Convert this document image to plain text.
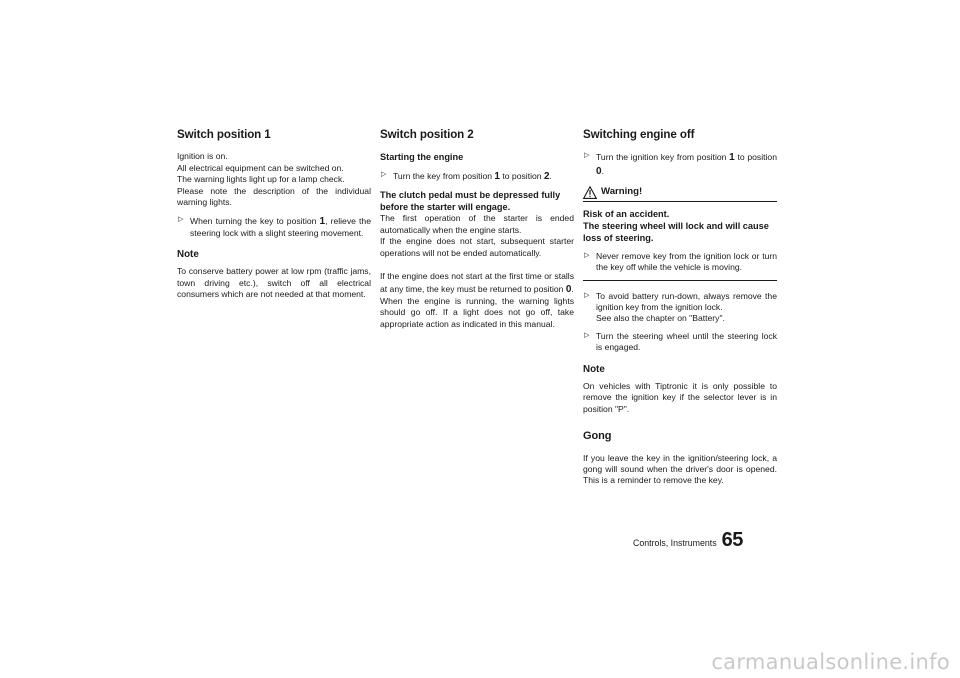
Switch position 1

Ignition is on.

All electrical equipment can be switched on.

The warning lights light up for a lamp check.

Please note the description of the individual warning lights.

▷ When turning the key to position 1, relieve the steering lock with a slight steering movement.
Note

To conserve battery power at low rpm (traffic jams, town driving etc.), switch off all electrical consumers which are not needed at that moment.

Switch position 2

Starting the engine

▷ Turn the key from position 1 to position 2.

The clutch pedal must be depressed fully before the starter will engage.

The first operation of the starter is ended automatically when the engine starts.

If the engine does not start, subsequent starter operations will not be ended automatically.

If the engine does not start at the first time or stalls at any time, the key must be returned to position 0.

When the engine is running, the warning lights should go off. If a light does not go off, take appropriate action as indicated in this manual.

Switching engine off
▷ Turn the ignition key from position 1 to position 0.
Warning!

Risk of an accident.
The steering wheel will lock and will cause loss of steering.

▷ Never remove key from the ignition lock or turn the key off while the vehicle is moving.
▷ To avoid battery run-down, always remove the ignition key from the ignition lock.
See also the chapter on "Battery".
▷ Turn the steering wheel until the steering lock is engaged.
Note

On vehicles with Tiptronic it is only possible to remove the ignition key if the selector lever is in position "P".

Gong

If you leave the key in the ignition/steering lock, a gong will sound when the driver's door is opened. This is a reminder to remove the key.

Controls, Instruments 65
carmanualsonline.info
